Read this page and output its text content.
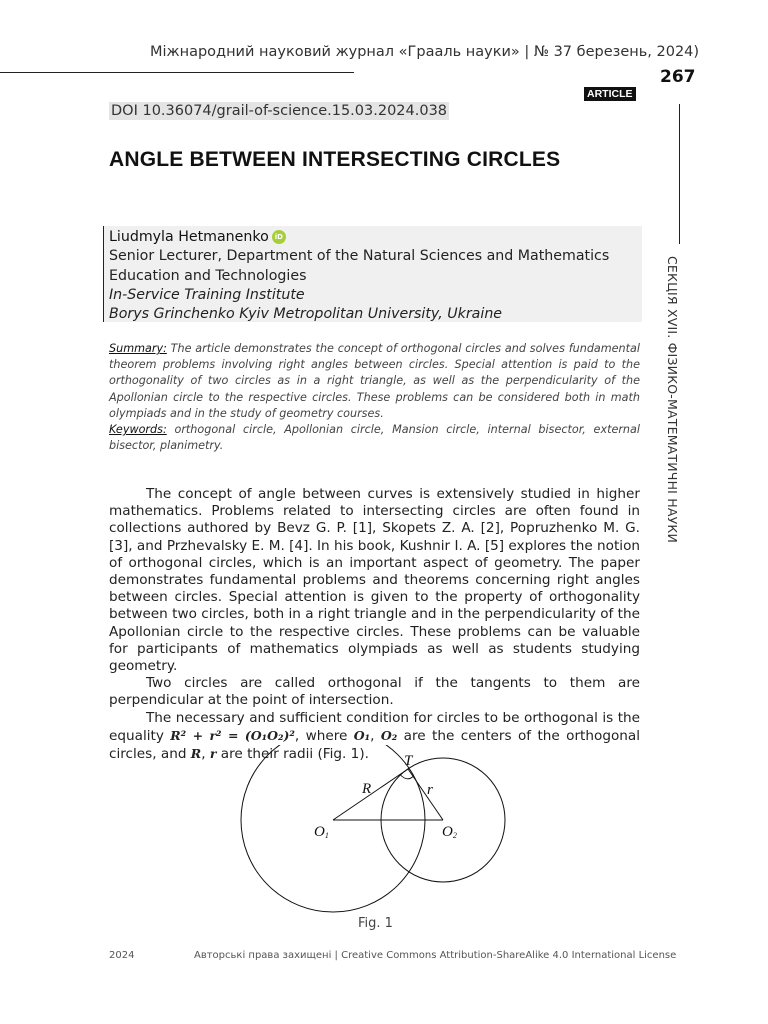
Міжнародний науковий журнал «Грааль науки» | № 37 березень, 2024)
267
СЕКЦІЯ XVII. ФІЗИКО-МАТЕМАТИЧНІ НАУКИ
ARTICLE
DOI 10.36074/grail-of-science.15.03.2024.038
ANGLE BETWEEN INTERSECTING CIRCLES
Liudmyla Hetmanenko iD
Senior Lecturer, Department of the Natural Sciences and Mathematics Education and Technologies
In-Service Training Institute
Borys Grinchenko Kyiv Metropolitan University, Ukraine
Summary: The article demonstrates the concept of orthogonal circles and solves fundamental theorem problems involving right angles between circles. Special attention is paid to the orthogonality of two circles as in a right triangle, as well as the perpendicularity of the Apollonian circle to the respective circles. These problems can be considered both in math olympiads and in the study of geometry courses.
Keywords: orthogonal circle, Apollonian circle, Mansion circle, internal bisector, external bisector, planimetry.

The concept of angle between curves is extensively studied in higher mathematics. Problems related to intersecting circles are often found in collections authored by Bevz G. P. [1], Skopets Z. A. [2], Popruzhenko M. G. [3], and Przhevalsky E. M. [4]. In his book, Kushnir I. A. [5] explores the notion of orthogonal circles, which is an important aspect of geometry. The paper demonstrates fundamental problems and theorems concerning right angles between circles. Special attention is given to the property of orthogonality between two circles, both in a right triangle and in the perpendicularity of the Apollonian circle to the respective circles. These problems can be valuable for participants of mathematics olympiads as well as students studying geometry.

Two circles are called orthogonal if the tangents to them are perpendicular at the point of intersection.

The necessary and sufficient condition for circles to be orthogonal is the equality R² + r² = (O₁O₂)², where O₁, O₂ are the centers of the orthogonal circles, and R, r are their radii (Fig. 1).	T
R	r
O1	O2
Fig. 1
2024	Авторські права захищені | Creative Commons Attribution-ShareAlike 4.0 International License
